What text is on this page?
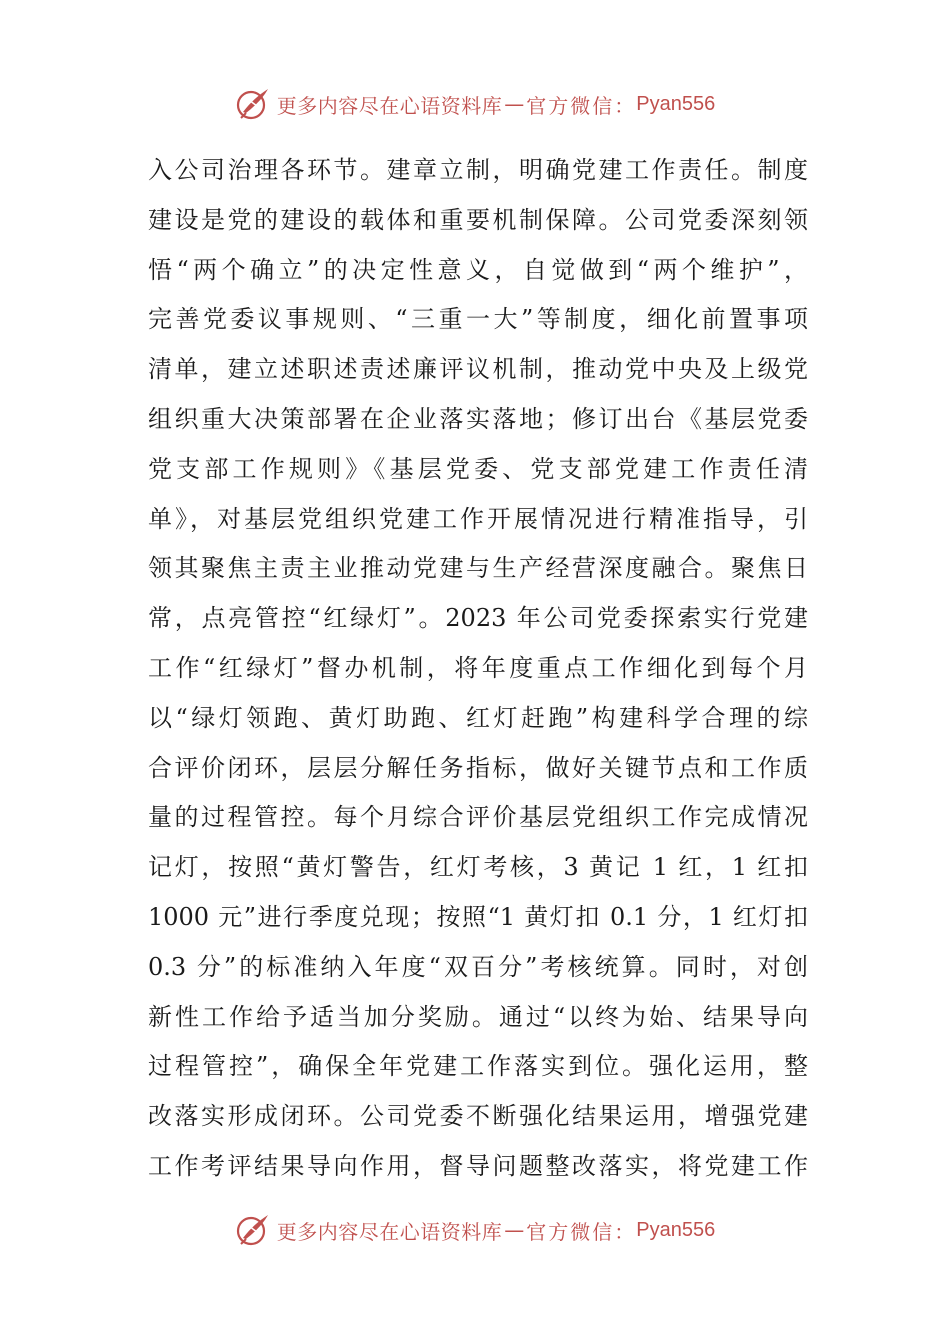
更多内容尽在心语资料库 — 官方微信： Pyan556
入公司治理各环节。建章立制，明确党建工作责任。制度
建设是党的建设的载体和重要机制保障。公司党委深刻领
悟“两个确立”的决定性意义，自觉做到“两个维护”，
完善党委议事规则、“三重一大”等制度，细化前置事项
清单，建立述职述责述廉评议机制，推动党中央及上级党
组织重大决策部署在企业落实落地；修订出台《基层党委
党支部工作规则》《基层党委、党支部党建工作责任清
单》，对基层党组织党建工作开展情况进行精准指导，引
领其聚焦主责主业推动党建与生产经营深度融合。聚焦日
常，点亮管控“红绿灯”。2023 年公司党委探索实行党建
工作“红绿灯”督办机制，将年度重点工作细化到每个月
以“绿灯领跑、黄灯助跑、红灯赶跑”构建科学合理的综
合评价闭环，层层分解任务指标，做好关键节点和工作质
量的过程管控。每个月综合评价基层党组织工作完成情况
记灯，按照“黄灯警告，红灯考核，3 黄记 1 红，1 红扣
1000 元”进行季度兑现；按照“1 黄灯扣 0.1 分，1 红灯扣
0.3 分”的标准纳入年度“双百分”考核统算。同时，对创
新性工作给予适当加分奖励。通过“以终为始、结果导向
过程管控”，确保全年党建工作落实到位。强化运用，整
改落实形成闭环。公司党委不断强化结果运用，增强党建
工作考评结果导向作用，督导问题整改落实，将党建工作
更多内容尽在心语资料库 — 官方微信： Pyan556
